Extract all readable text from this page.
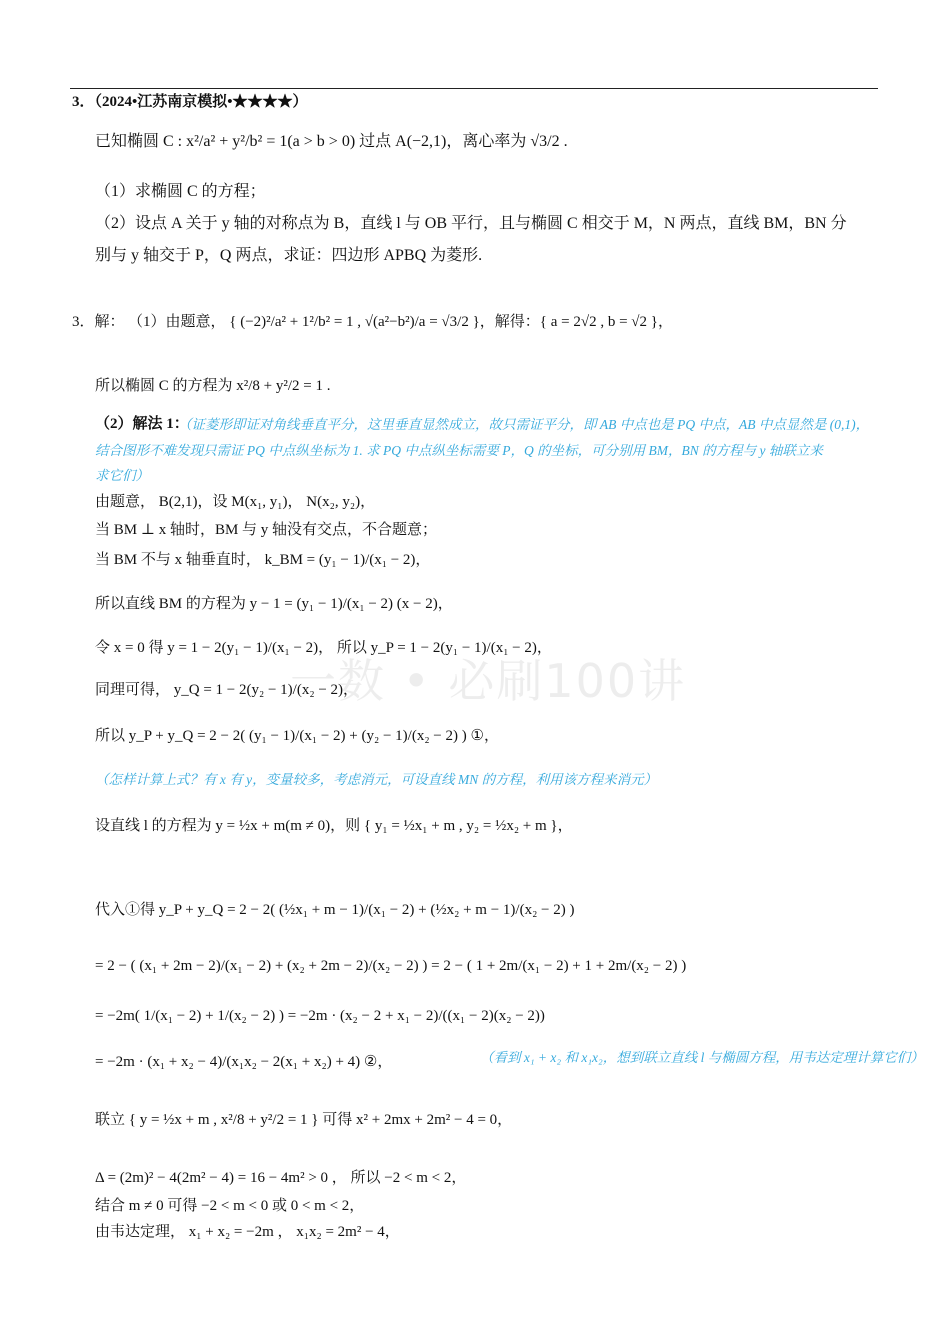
一数 • 必刷100讲
3．（2024•江苏南京模拟•★★★★）
已知椭圆 C : x²/a² + y²/b² = 1(a > b > 0) 过点 A(−2,1)，离心率为 √3/2 .
（1）求椭圆 C 的方程；
（2）设点 A 关于 y 轴的对称点为 B，直线 l 与 OB 平行，且与椭圆 C 相交于 M，N 两点，直线 BM，BN 分
别与 y 轴交于 P，Q 两点，求证：四边形 APBQ 为菱形.
3．解： （1）由题意， { (−2)²/a² + 1²/b² = 1 , √(a²−b²)/a = √3/2 }，解得：{ a = 2√2 , b = √2 }，
所以椭圆 C 的方程为 x²/8 + y²/2 = 1 .
（2）解法 1：
（证菱形即证对角线垂直平分，这里垂直显然成立，故只需证平分，即 AB 中点也是 PQ 中点，AB 中点显然是 (0,1)，
结合图形不难发现只需证 PQ 中点纵坐标为 1. 求 PQ 中点纵坐标需要 P，Q 的坐标，可分别用 BM，BN 的方程与 y 轴联立来
求它们）
由题意， B(2,1)，设 M(x₁, y₁)， N(x₂, y₂)，
当 BM ⊥ x 轴时，BM 与 y 轴没有交点，不合题意；
当 BM 不与 x 轴垂直时， k_BM = (y₁ − 1)/(x₁ − 2)，
所以直线 BM 的方程为 y − 1 = (y₁ − 1)/(x₁ − 2) (x − 2)，
令 x = 0 得 y = 1 − 2(y₁ − 1)/(x₁ − 2)， 所以 y_P = 1 − 2(y₁ − 1)/(x₁ − 2)，
同理可得， y_Q = 1 − 2(y₂ − 1)/(x₂ − 2)，
所以 y_P + y_Q = 2 − 2( (y₁ − 1)/(x₁ − 2) + (y₂ − 1)/(x₂ − 2) ) ①，
（怎样计算上式？有 x 有 y，变量较多，考虑消元，可设直线 MN 的方程，利用该方程来消元）
设直线 l 的方程为 y = ½x + m(m ≠ 0)，则 { y₁ = ½x₁ + m , y₂ = ½x₂ + m }，
代入①得 y_P + y_Q = 2 − 2( (½x₁ + m − 1)/(x₁ − 2) + (½x₂ + m − 1)/(x₂ − 2) )
= 2 − ( (x₁ + 2m − 2)/(x₁ − 2) + (x₂ + 2m − 2)/(x₂ − 2) ) = 2 − ( 1 + 2m/(x₁ − 2) + 1 + 2m/(x₂ − 2) )
= −2m( 1/(x₁ − 2) + 1/(x₂ − 2) ) = −2m · (x₂ − 2 + x₁ − 2)/((x₁ − 2)(x₂ − 2))
= −2m · (x₁ + x₂ − 4)/(x₁x₂ − 2(x₁ + x₂) + 4) ②，	（看到 x₁ + x₂ 和 x₁x₂，想到联立直线 l 与椭圆方程，用韦达定理计算它们）
联立 { y = ½x + m , x²/8 + y²/2 = 1 } 可得 x² + 2mx + 2m² − 4 = 0，
Δ = (2m)² − 4(2m² − 4) = 16 − 4m² > 0 ， 所以 −2 < m < 2，
结合 m ≠ 0 可得 −2 < m < 0 或 0 < m < 2，
由韦达定理， x₁ + x₂ = −2m ， x₁x₂ = 2m² − 4，
